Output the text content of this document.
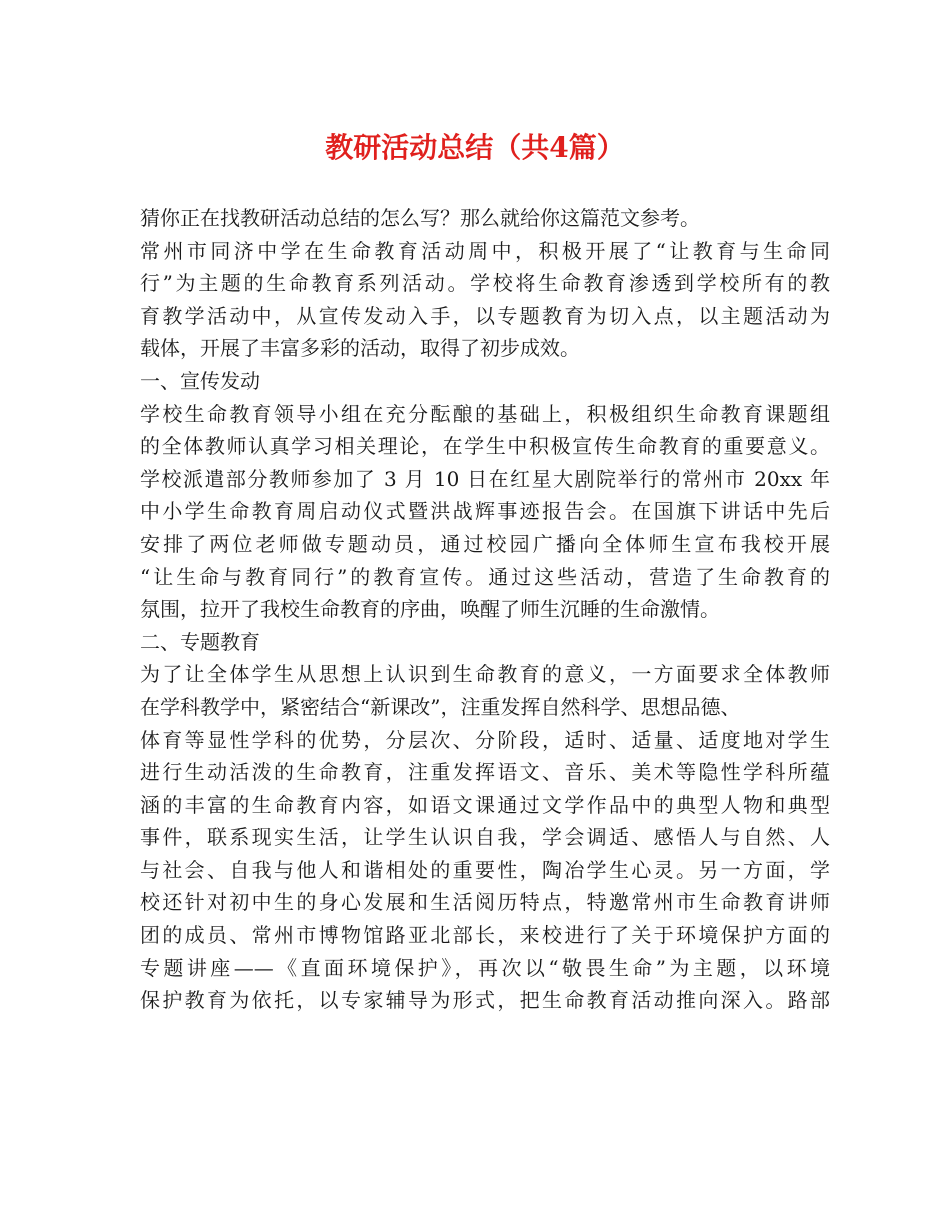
教研活动总结（共4篇）
猜你正在找教研活动总结的怎么写？那么就给你这篇范文参考。
常州市同济中学在生命教育活动周中，积极开展了“让教育与生命同
行”为主题的生命教育系列活动。学校将生命教育渗透到学校所有的教
育教学活动中，从宣传发动入手，以专题教育为切入点，以主题活动为
载体，开展了丰富多彩的活动，取得了初步成效。
一、宣传发动
学校生命教育领导小组在充分酝酿的基础上，积极组织生命教育课题组
的全体教师认真学习相关理论，在学生中积极宣传生命教育的重要意义。
学校派遣部分教师参加了 3 月 10 日在红星大剧院举行的常州市 20xx 年
中小学生命教育周启动仪式暨洪战辉事迹报告会。在国旗下讲话中先后
安排了两位老师做专题动员，通过校园广播向全体师生宣布我校开展
“让生命与教育同行”的教育宣传。通过这些活动，营造了生命教育的
氛围，拉开了我校生命教育的序曲，唤醒了师生沉睡的生命激情。
二、专题教育
为了让全体学生从思想上认识到生命教育的意义，一方面要求全体教师
在学科教学中，紧密结合“新课改”，注重发挥自然科学、思想品德、
体育等显性学科的优势，分层次、分阶段，适时、适量、适度地对学生
进行生动活泼的生命教育，注重发挥语文、音乐、美术等隐性学科所蕴
涵的丰富的生命教育内容，如语文课通过文学作品中的典型人物和典型
事件，联系现实生活，让学生认识自我，学会调适、感悟人与自然、人
与社会、自我与他人和谐相处的重要性，陶冶学生心灵。另一方面，学
校还针对初中生的身心发展和生活阅历特点，特邀常州市生命教育讲师
团的成员、常州市博物馆路亚北部长，来校进行了关于环境保护方面的
专题讲座——《直面环境保护》，再次以“敬畏生命”为主题，以环境
保护教育为依托，以专家辅导为形式，把生命教育活动推向深入。路部
